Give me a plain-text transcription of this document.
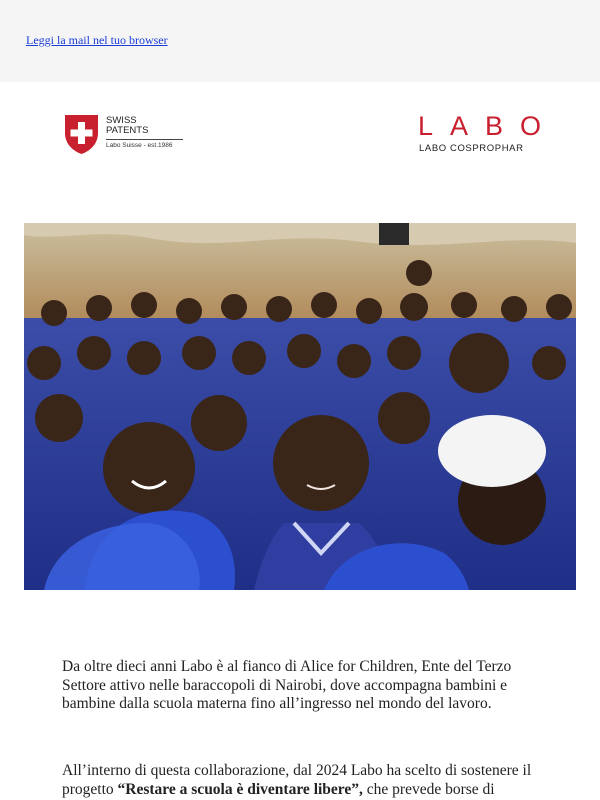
Leggi la mail nel tuo browser
SWISS
PATENTS
Labo Suisse - est.1986
LABO
LABO COSPROPHAR
Da oltre dieci anni Labo è al fianco di Alice for Children, Ente del Terzo Settore attivo nelle baraccopoli di Nairobi, dove accompagna bambini e bambine dalla scuola materna fino all’ingresso nel mondo del lavoro.
All’interno di questa collaborazione, dal 2024 Labo ha scelto di sostenere il progetto “Restare a scuola è diventare libere”, che prevede borse di
